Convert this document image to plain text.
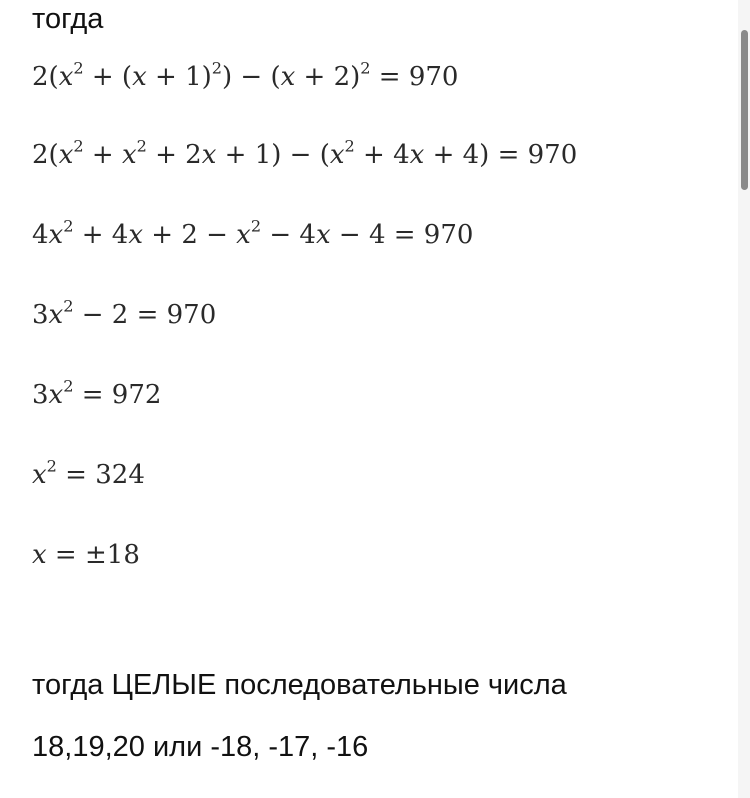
тогда
$2(x^2 + (x + 1)^2) - (x + 2)^2 = 970$
$2(x^2 + x^2 + 2x + 1) - (x^2 + 4x + 4) = 970$
$4x^2 + 4x + 2 - x^2 - 4x - 4 = 970$
$3x^2 - 2 = 970$
$3x^2 = 972$
$x^2 = 324$
x = ±18
тогда ЦЕЛЫЕ последовательные числа
18,19,20 или -18, -17, -16
